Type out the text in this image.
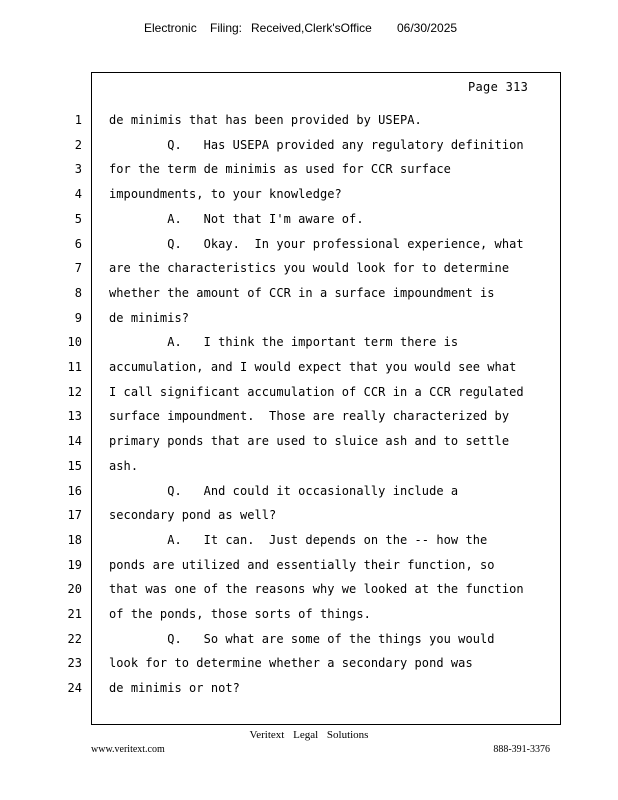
Electronic Filing: Received,Clerk'sOffice 06/30/2025
Page 313
1 de minimis that has been provided by USEPA.
2 Q.   Has USEPA provided any regulatory definition
3 for the term de minimis as used for CCR surface
4 impoundments, to your knowledge?
5 A.   Not that I'm aware of.
6 Q.   Okay.  In your professional experience, what
7 are the characteristics you would look for to determine
8 whether the amount of CCR in a surface impoundment is
9 de minimis?
10 A.   I think the important term there is
11 accumulation, and I would expect that you would see what
12 I call significant accumulation of CCR in a CCR regulated
13 surface impoundment.  Those are really characterized by
14 primary ponds that are used to sluice ash and to settle
15 ash.
16 Q.   And could it occasionally include a
17 secondary pond as well?
18 A.   It can.  Just depends on the -- how the
19 ponds are utilized and essentially their function, so
20 that was one of the reasons why we looked at the function
21 of the ponds, those sorts of things.
22 Q.   So what are some of the things you would
23 look for to determine whether a secondary pond was
24 de minimis or not?
Veritext Legal Solutions
www.veritext.com	888-391-3376
